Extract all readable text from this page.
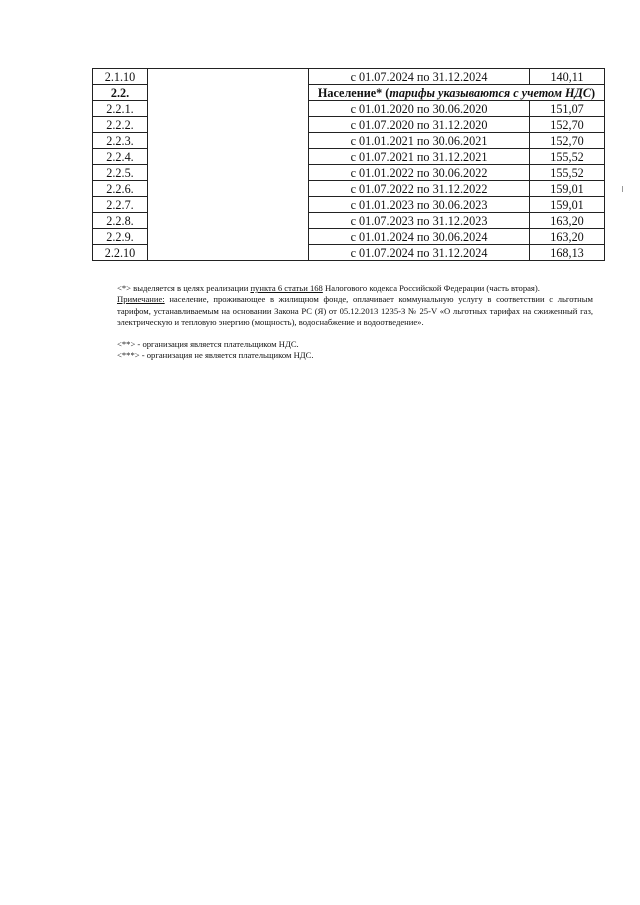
2.1.10		с 01.07.2024 по 31.12.2024	140,11
2.2.		Население* (тарифы указываются с учетом НДС)	
2.2.1.		с 01.01.2020 по 30.06.2020	151,07
2.2.2.		с 01.07.2020 по 31.12.2020	152,70
2.2.3.		с 01.01.2021 по 30.06.2021	152,70
2.2.4.		с 01.07.2021 по 31.12.2021	155,52
2.2.5.		с 01.01.2022 по 30.06.2022	155,52
2.2.6.		с 01.07.2022 по 31.12.2022	159,01
2.2.7.		с 01.01.2023 по 30.06.2023	159,01
2.2.8.		с 01.07.2023 по 31.12.2023	163,20
2.2.9.		с 01.01.2024 по 30.06.2024	163,20
2.2.10		с 01.07.2024 по 31.12.2024	168,13

<*> выделяется в целях реализации пункта 6 статьи 168 Налогового кодекса Российской Федерации (часть вторая).

Примечание: население, проживающее в жилищном фонде, оплачивает коммунальную услугу в соответствии с льготным тарифом, устанавливаемым на основании Закона РС (Я) от 05.12.2013 1235-З № 25-V «О льготных тарифах на сжиженный газ, электрическую и тепловую энергию (мощность), водоснабжение и водоотведение».

<**> - организация является плательщиком НДС.

<***> - организация не является плательщиком НДС.
